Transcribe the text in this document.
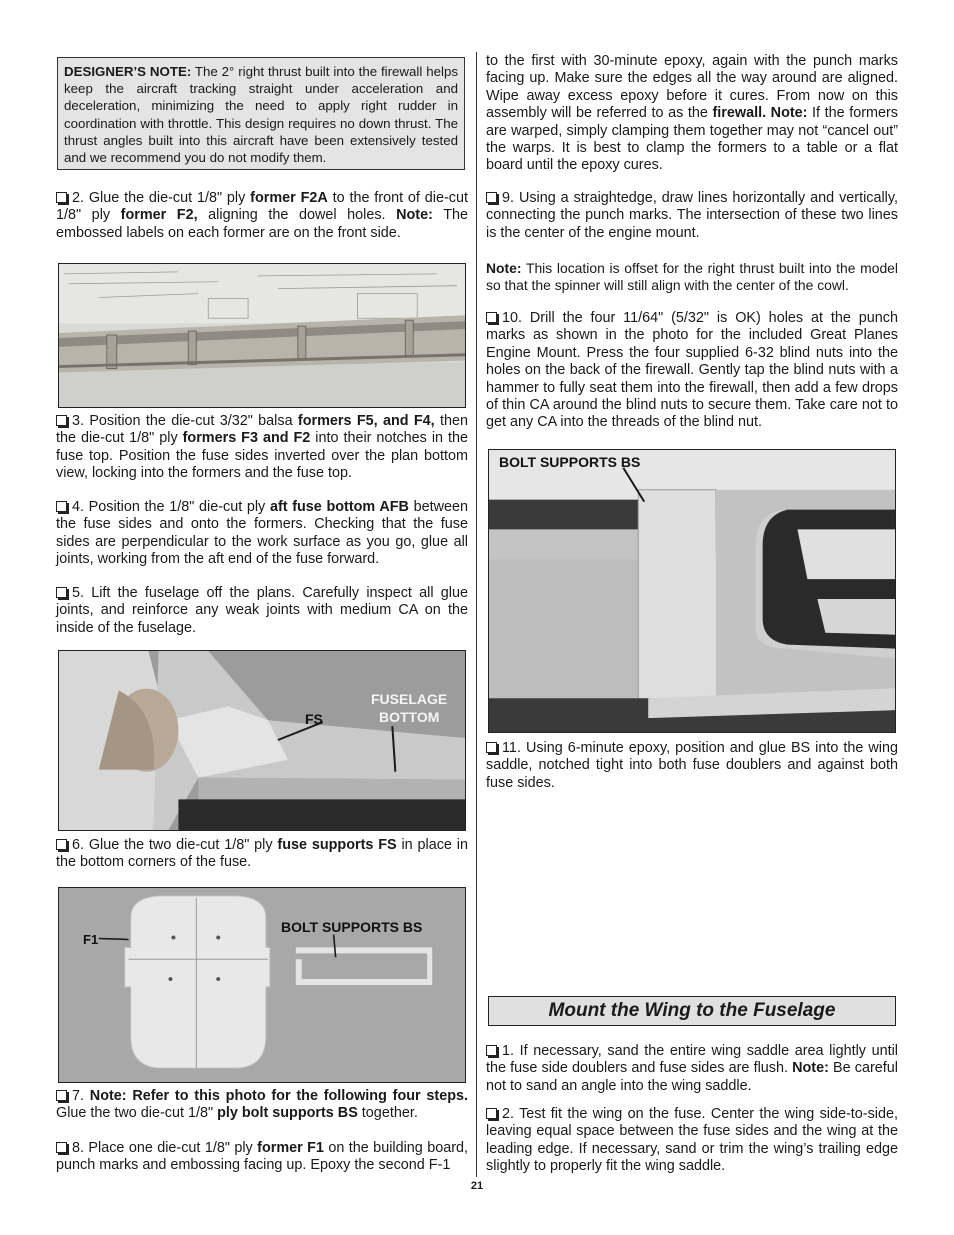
DESIGNER’S NOTE: The 2° right thrust built into the firewall helps keep the aircraft tracking straight under acceleration and deceleration, minimizing the need to apply right rudder in coordination with throttle. This design requires no down thrust. The thrust angles built into this aircraft have been extensively tested and we recommend you do not modify them.

2. Glue the die-cut 1/8" ply former F2A to the front of die-cut 1/8" ply former F2, aligning the dowel holes. Note: The embossed labels on each former are on the front side.

3. Position the die-cut 3/32" balsa formers F5, and F4, then the die-cut 1/8" ply formers F3 and F2 into their notches in the fuse top. Position the fuse sides inverted over the plan bottom view, locking into the formers and the fuse top.

4. Position the 1/8" die-cut ply aft fuse bottom AFB between the fuse sides and onto the formers. Checking that the fuse sides are perpendicular to the work surface as you go, glue all joints, working from the aft end of the fuse forward.

5. Lift the fuselage off the plans. Carefully inspect all glue joints, and reinforce any weak joints with medium CA on the inside of the fuselage.

6. Glue the two die-cut 1/8" ply fuse supports FS in place in the bottom corners of the fuse.

7. Note: Refer to this photo for the following four steps. Glue the two die-cut 1/8" ply bolt supports BS together.

8. Place one die-cut 1/8" ply former F1 on the building board, punch marks and embossing facing up. Epoxy the second F-1

FS
FUSELAGE
BOTTOM
F1
BOLT SUPPORTS BS

to the first with 30-minute epoxy, again with the punch marks facing up. Make sure the edges all the way around are aligned. Wipe away excess epoxy before it cures. From now on this assembly will be referred to as the firewall. Note: If the formers are warped, simply clamping them together may not “cancel out” the warps. It is best to clamp the formers to a table or a flat board until the epoxy cures.

9. Using a straightedge, draw lines horizontally and vertically, connecting the punch marks. The intersection of these two lines is the center of the engine mount.

Note: This location is offset for the right thrust built into the model so that the spinner will still align with the center of the cowl.

10. Drill the four 11/64" (5/32" is OK) holes at the punch marks as shown in the photo for the included Great Planes Engine Mount. Press the four supplied 6-32 blind nuts into the holes on the back of the firewall. Gently tap the blind nuts with a hammer to fully seat them into the firewall, then add a few drops of thin CA around the blind nuts to secure them. Take care not to get any CA into the threads of the blind nut.

11. Using 6-minute epoxy, position and glue BS into the wing saddle, notched tight into both fuse doublers and against both fuse sides.

1. If necessary, sand the entire wing saddle area lightly until the fuse side doublers and fuse sides are flush. Note: Be careful not to sand an angle into the wing saddle.

2. Test fit the wing on the fuse. Center the wing side-to-side, leaving equal space between the fuse sides and the wing at the leading edge. If necessary, sand or trim the wing’s trailing edge slightly to properly fit the wing saddle.

BOLT SUPPORTS BS
Mount the Wing to the Fuselage
21
